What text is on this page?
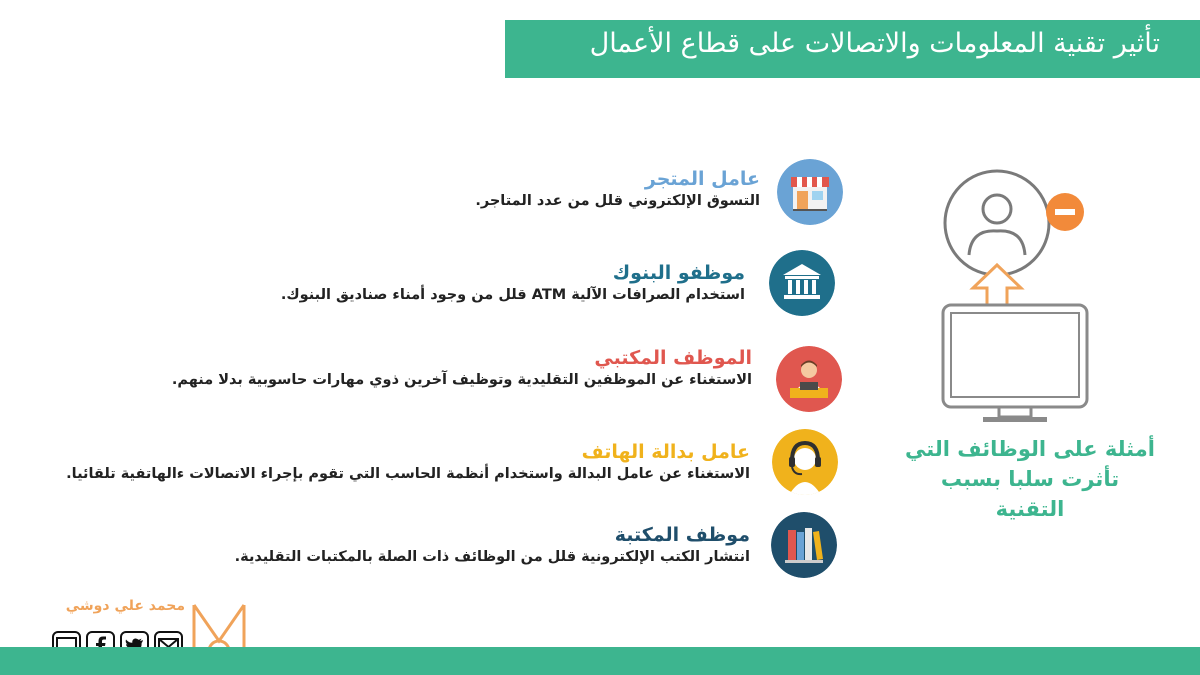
تأثير تقنية المعلومات والاتصالات على قطاع الأعمال
عامل المتجر
التسوق الإلكتروني قلل من عدد المتاجر.
موظفو البنوك
استخدام الصرافات الآلية ATM قلل من وجود أمناء صناديق البنوك.
الموظف المكتبي
الاستغناء عن الموظفين التقليدية وتوظيف آخرين ذوي مهارات حاسوبية بدلا منهم.
عامل بدالة الهاتف
الاستغناء عن عامل البدالة واستخدام أنظمة الحاسب التي تقوم بإجراء الاتصالات ءالهاتفية تلقائيا.
موظف المكتبة
انتشار الكتب الإلكترونية قلل من الوظائف ذات الصلة بالمكتبات التقليدية.
أمثلة على الوظائف التي
تأثرت سلبا بسبب التقنية
محمد علي دوشي
